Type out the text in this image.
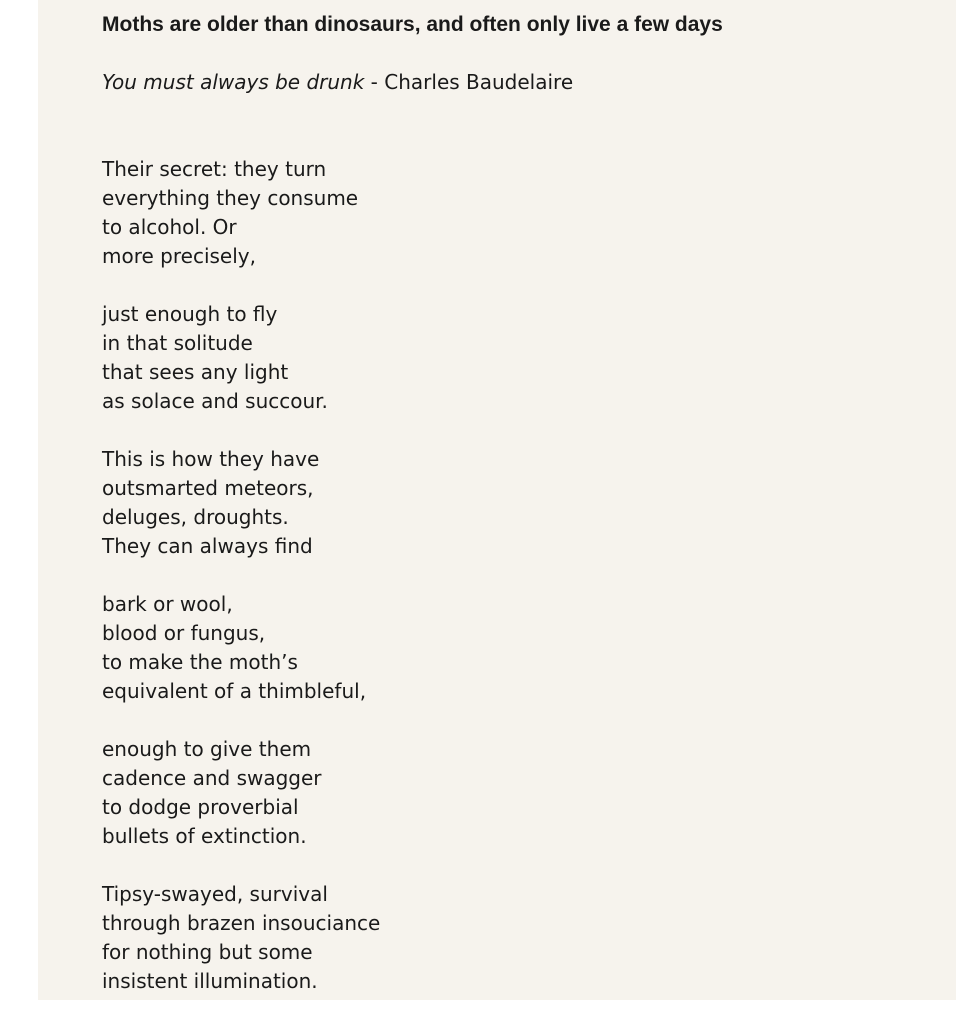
Moths are older than dinosaurs, and often only live a few days

You must always be drunk - Charles Baudelaire

Their secret: they turn
everything they consume
to alcohol. Or
more precisely,
just enough to fly
in that solitude
that sees any light
as solace and succour.
This is how they have
outsmarted meteors,
deluges, droughts.
They can always find
bark or wool,
blood or fungus,
to make the moth’s
equivalent of a thimbleful,
enough to give them
cadence and swagger
to dodge proverbial
bullets of extinction.
Tipsy-swayed, survival
through brazen insouciance
for nothing but some
insistent illumination.
